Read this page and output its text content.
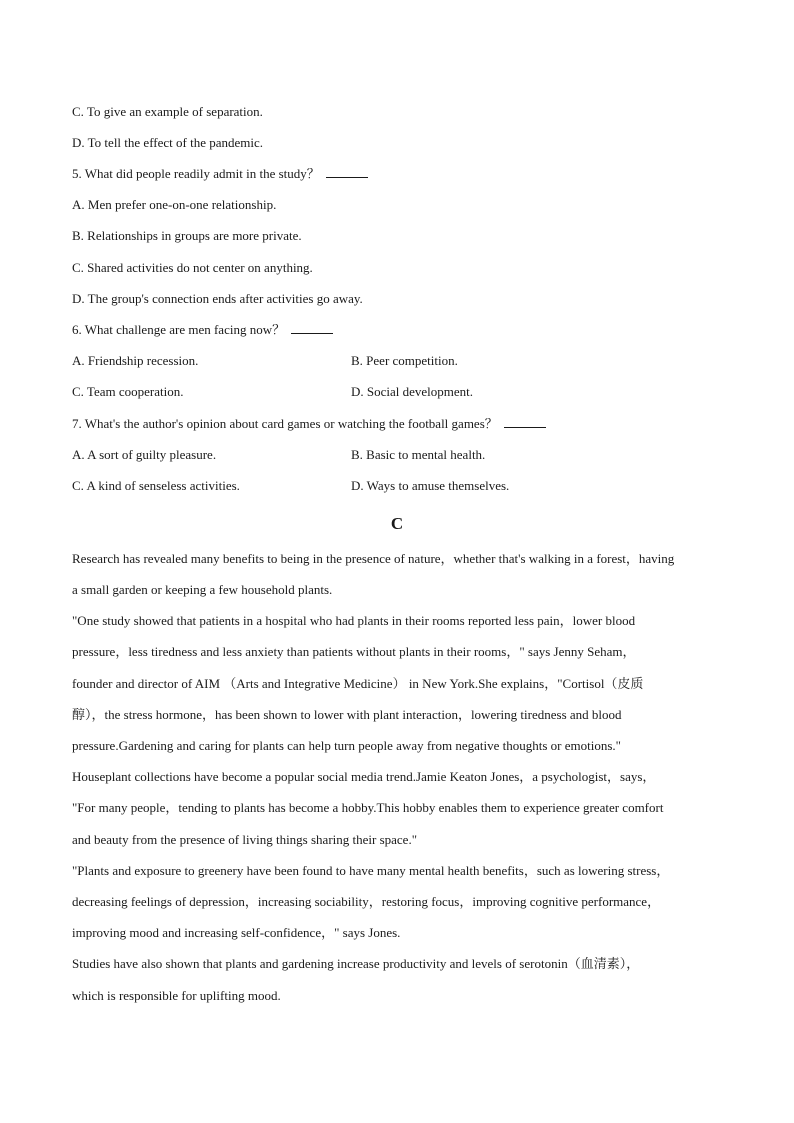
C. To give an example of separation.
D. To tell the effect of the pandemic.
5. What did people readily admit in the study？
A. Men prefer one-on-one relationship.
B. Relationships in groups are more private.
C. Shared activities do not center on anything.
D. The group's connection ends after activities go away.
6. What challenge are men facing now？
A. Friendship recession.	B. Peer competition.
C. Team cooperation.	D. Social development.
7. What's the author's opinion about card games or watching the football games？
A. A sort of guilty pleasure.	B. Basic to mental health.
C. A kind of senseless activities.	D. Ways to amuse themselves.
C
Research has revealed many benefits to being in the presence of nature，whether that's walking in a forest，having
a small garden or keeping a few household plants.
"One study showed that patients in a hospital who had plants in their rooms reported less pain，lower blood
pressure，less tiredness and less anxiety than patients without plants in their rooms，" says Jenny Seham，
founder and director of AIM （Arts and Integrative Medicine） in New York.She explains，"Cortisol（皮质
醇），the stress hormone，has been shown to lower with plant interaction，lowering tiredness and blood
pressure.Gardening and caring for plants can help turn people away from negative thoughts or emotions."
Houseplant collections have become a popular social media trend.Jamie Keaton Jones，a psychologist，says，
"For many people，tending to plants has become a hobby.This hobby enables them to experience greater comfort
and beauty from the presence of living things sharing their space."
"Plants and exposure to greenery have been found to have many mental health benefits，such as lowering stress，
decreasing feelings of depression，increasing sociability，restoring focus，improving cognitive performance，
improving mood and increasing self-confidence，" says Jones.
Studies have also shown that plants and gardening increase productivity and levels of serotonin（血清素），
which is responsible for uplifting mood.
